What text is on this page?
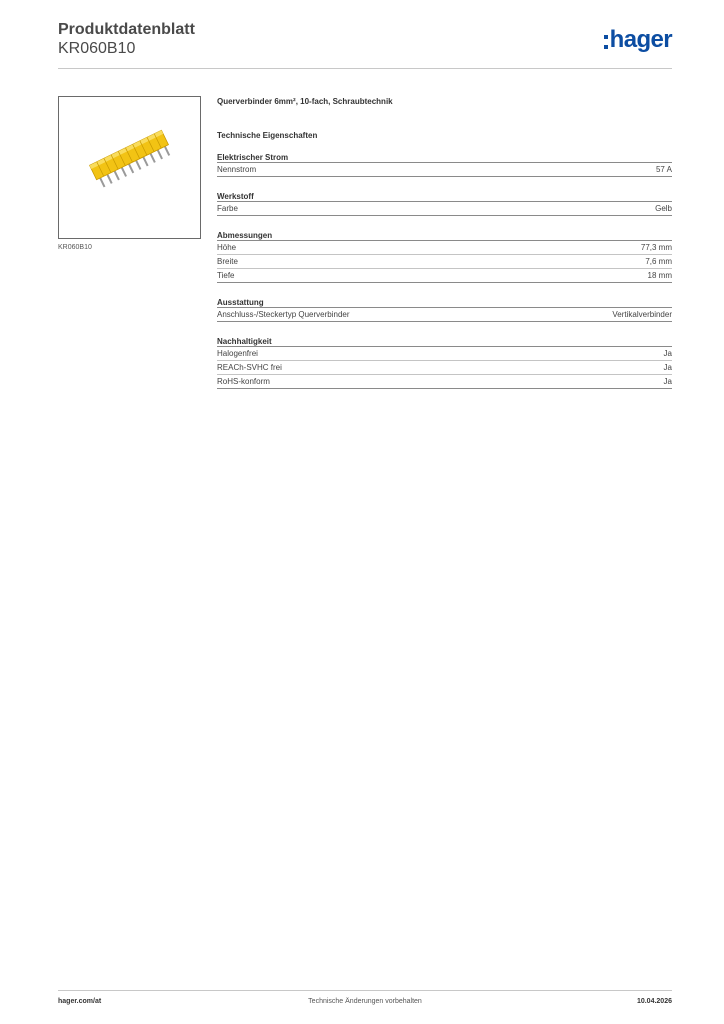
Produktdatenblatt
KR060B10	hager
KR060B10
Querverbinder 6mm², 10-fach, Schraubtechnik
Technische Eigenschaften
Elektrischer Strom
Nennstrom	57 A
Werkstoff
Farbe	Gelb
Abmessungen
Höhe	77,3 mm
Breite	7,6 mm
Tiefe	18 mm
Ausstattung
Anschluss-/Steckertyp Querverbinder	Vertikalverbinder
Nachhaltigkeit
Halogenfrei	Ja
REACh-SVHC frei	Ja
RoHS-konform	Ja
hager.com/at	Technische Änderungen vorbehalten	10.04.2026
